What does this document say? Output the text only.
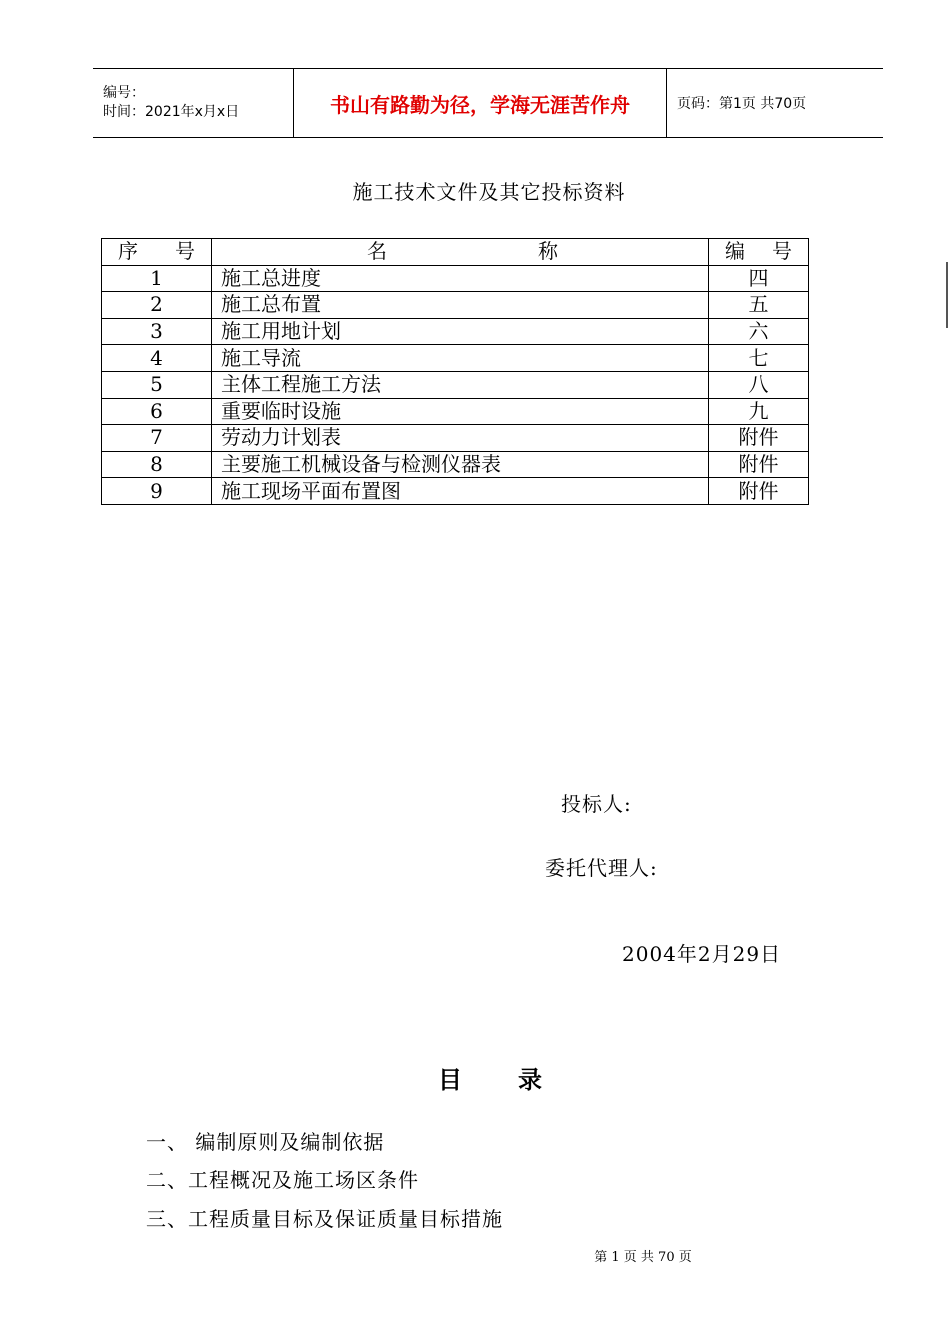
编号：
时间：2021年x月x日	书山有路勤为径，学海无涯苦作舟	页码：第1页 共70页
施工技术文件及其它投标资料
序 号	名 称	编 号

1	施工总进度	四
2	施工总布置	五
3	施工用地计划	六
4	施工导流	七
5	主体工程施工方法	八
6	重要临时设施	九
7	劳动力计划表	附件
8	主要施工机械设备与检测仪器表	附件
9	施工现场平面布置图	附件
投标人:
委托代理人:
2004年2月29日
目 录
一、 编制原则及编制依据
二、工程概况及施工场区条件
三、工程质量目标及保证质量目标措施
第 1 页 共 70 页
